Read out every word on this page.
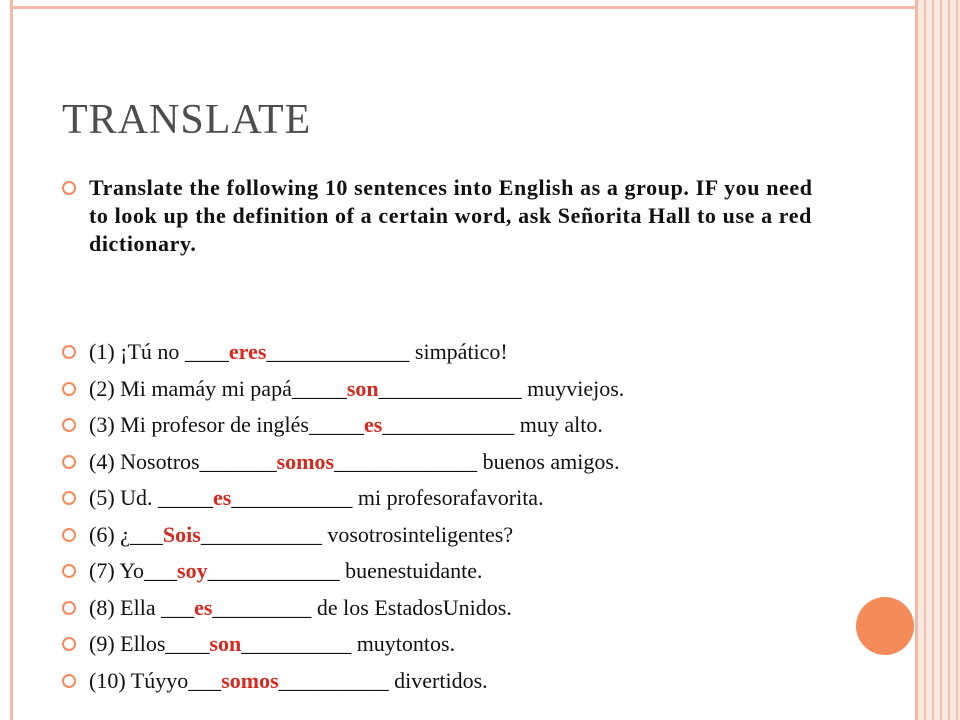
TRANSLATE
Translate the following 10 sentences into English as a group. IF you need to look up the definition of a certain word, ask Señorita Hall to use a red dictionary.
(1) ¡Tú no ____eres_____________ simpático!
(2) Mi mamáy mi papá_____son_____________ muyviejos.
(3) Mi profesor de inglés_____es____________ muy alto.
(4) Nosotros_______somos_____________ buenos amigos.
(5) Ud. _____es___________ mi profesorafavorita.
(6) ¿___Sois___________ vosotrosinteligentes?
(7) Yo___soy____________ buenestuidante.
(8) Ella ___es_________ de los EstadosUnidos.
(9) Ellos____son__________ muytontos.
(10) Túyyo___somos__________ divertidos.
